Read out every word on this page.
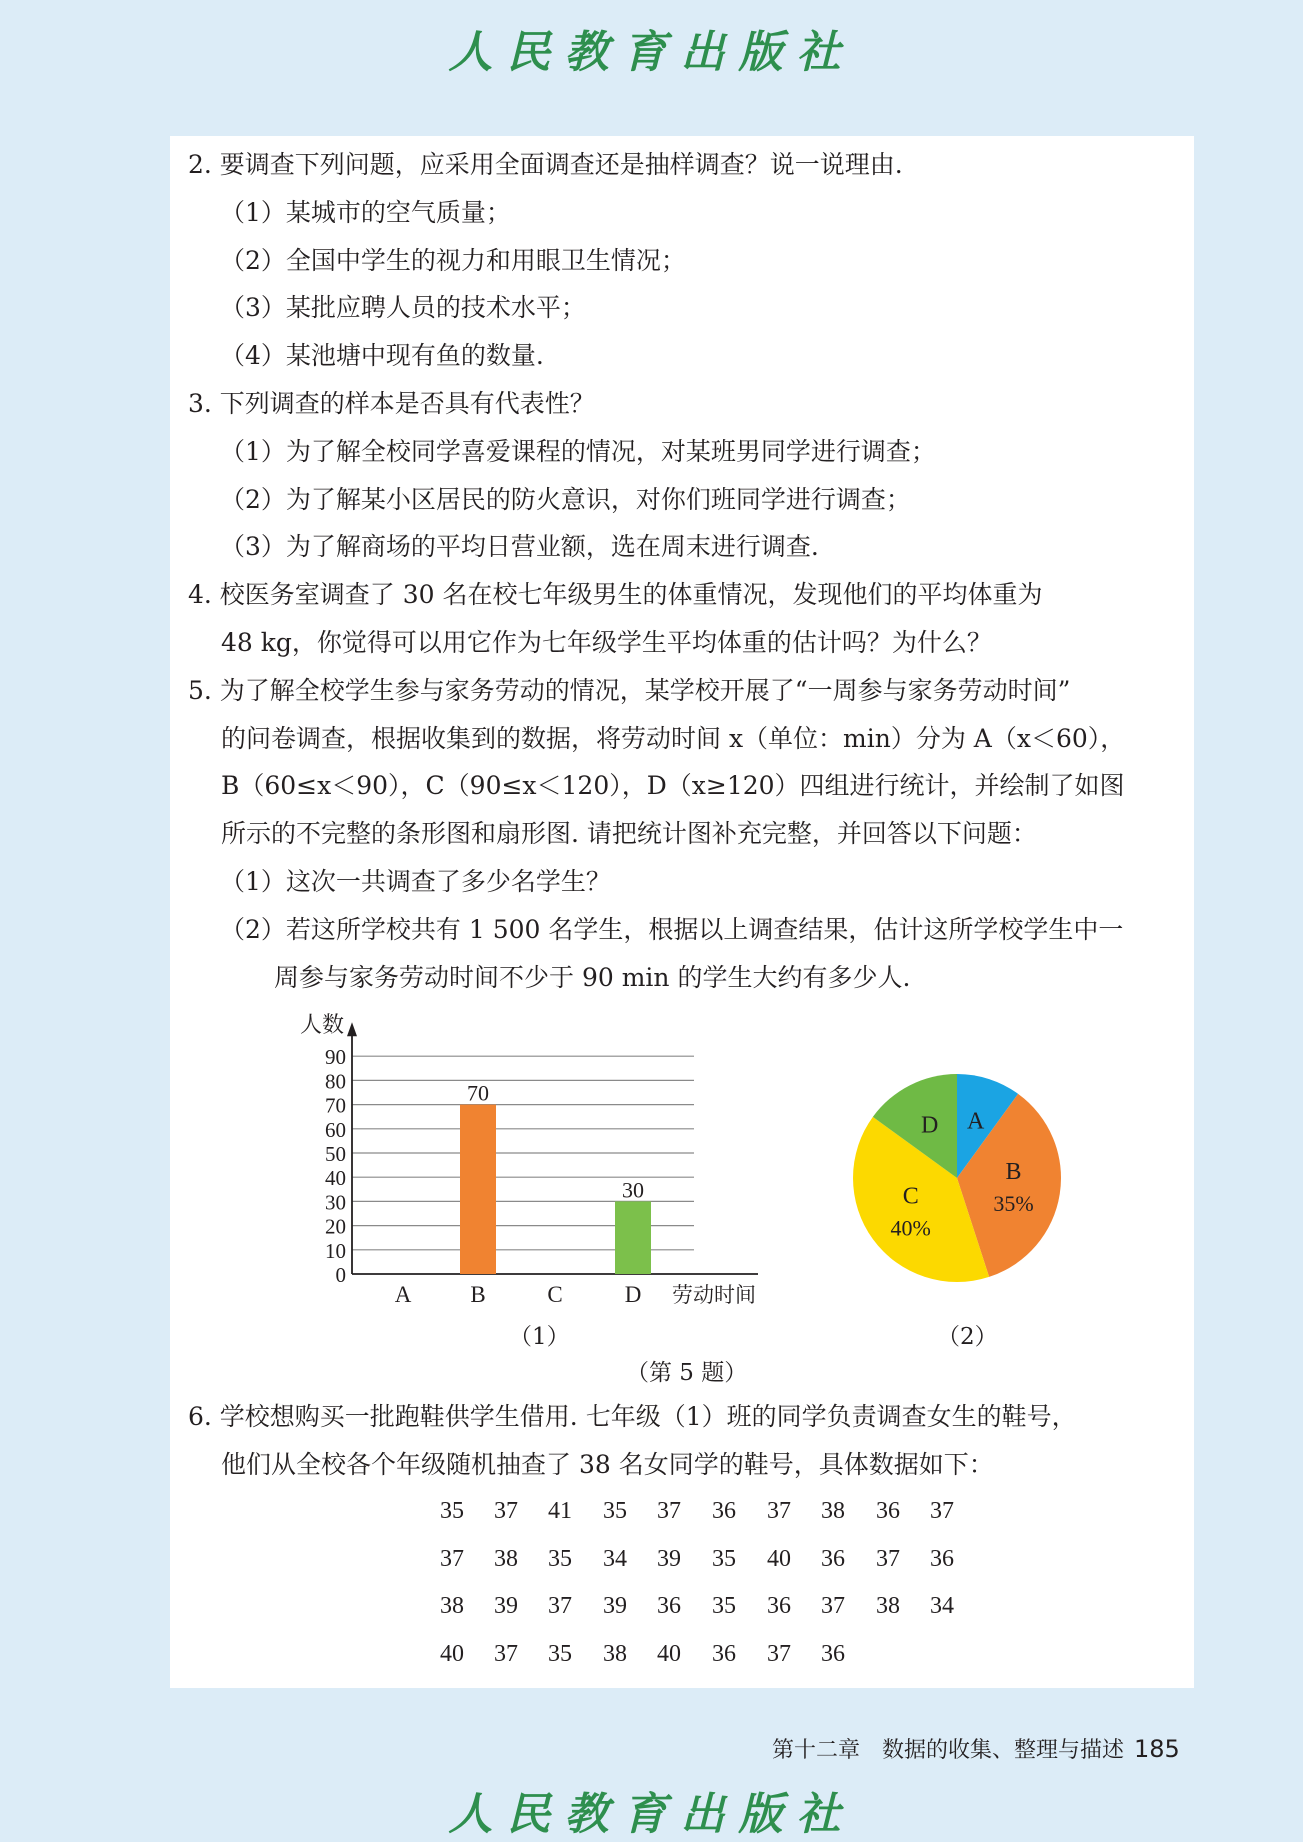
人民教育出版社
2. 要调查下列问题，应采用全面调查还是抽样调查？说一说理由.
（1）某城市的空气质量；
（2）全国中学生的视力和用眼卫生情况；
（3）某批应聘人员的技术水平；
（4）某池塘中现有鱼的数量.
3. 下列调查的样本是否具有代表性？
（1）为了解全校同学喜爱课程的情况，对某班男同学进行调查；
（2）为了解某小区居民的防火意识，对你们班同学进行调查；
（3）为了解商场的平均日营业额，选在周末进行调查.
4. 校医务室调查了 30 名在校七年级男生的体重情况，发现他们的平均体重为
48 kg，你觉得可以用它作为七年级学生平均体重的估计吗？为什么？
5. 为了解全校学生参与家务劳动的情况，某学校开展了“一周参与家务劳动时间”
的问卷调查，根据收集到的数据，将劳动时间 x（单位：min）分为 A（x＜60），
B（60≤x＜90），C（90≤x＜120），D（x≥120）四组进行统计，并绘制了如图
所示的不完整的条形图和扇形图. 请把统计图补充完整，并回答以下问题：
（1）这次一共调查了多少名学生？
（2）若这所学校共有 1 500 名学生，根据以上调查结果，估计这所学校学生中一
周参与家务劳动时间不少于 90 min 的学生大约有多少人.
0
10
20
30
40
50
60
70
80
90
人数
劳动时间
A	B
70
C	D
30
A
B
35%
C
40%
D
（1）	（2）
（第 5 题）
6. 学校想购买一批跑鞋供学生借用. 七年级（1）班的同学负责调查女生的鞋号，
他们从全校各个年级随机抽查了 38 名女同学的鞋号，具体数据如下：
35 37 41 35 37 36 37 38 36 37
37 38 35 34 39 35 40 36 37 36
38 39 37 39 36 35 36 37 38 34
40 37 35 38 40 36 37 36
第十二章　数据的收集、整理与描述 185
人民教育出版社
